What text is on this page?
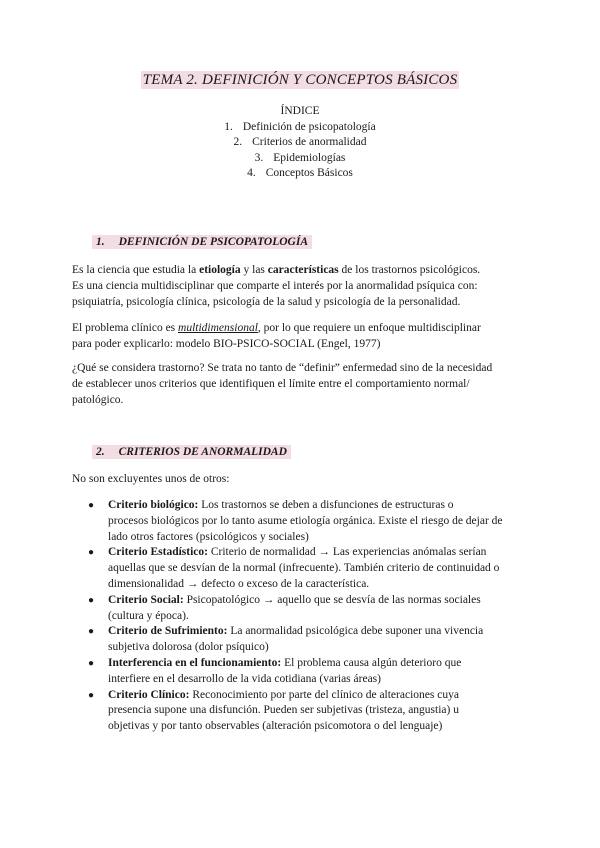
TEMA 2. DEFINICIÓN Y CONCEPTOS BÁSICOS
ÍNDICE
1. Definición de psicopatología
2. Criterios de anormalidad
3. Epidemiologías
4. Conceptos Básicos
1. DEFINICIÓN DE PSICOPATOLOGÍA

Es la ciencia que estudia la etiología y las características de los trastornos psicológicos.
Es una ciencia multidisciplinar que comparte el interés por la anormalidad psíquica con:
psiquiatría, psicología clínica, psicología de la salud y psicología de la personalidad.

El problema clínico es multidimensional, por lo que requiere un enfoque multidisciplinar
para poder explicarlo: modelo BIO-PSICO-SOCIAL (Engel, 1977)

¿Qué se considera trastorno? Se trata no tanto de “definir” enfermedad sino de la necesidad
de establecer unos criterios que identifiquen el límite entre el comportamiento normal/
patológico.

2. CRITERIOS DE ANORMALIDAD

No son excluyentes unos de otros:

● Criterio biológico: Los trastornos se deben a disfunciones de estructuras o
procesos biológicos por lo tanto asume etiología orgánica. Existe el riesgo de dejar de
lado otros factores (psicológicos y sociales)
● Criterio Estadístico: Criterio de normalidad → Las experiencias anómalas serían
aquellas que se desvían de la normal (infrecuente). También criterio de continuidad o
dimensionalidad → defecto o exceso de la característica.
● Criterio Social: Psicopatológico → aquello que se desvía de las normas sociales
(cultura y época).
● Criterio de Sufrimiento: La anormalidad psicológica debe suponer una vivencia
subjetiva dolorosa (dolor psíquico)
● Interferencia en el funcionamiento: El problema causa algún deterioro que
interfiere en el desarrollo de la vida cotidiana (varias áreas)
● Criterio Clínico: Reconocimiento por parte del clínico de alteraciones cuya
presencia supone una disfunción. Pueden ser subjetivas (tristeza, angustia) u
objetivas y por tanto observables (alteración psicomotora o del lenguaje)
